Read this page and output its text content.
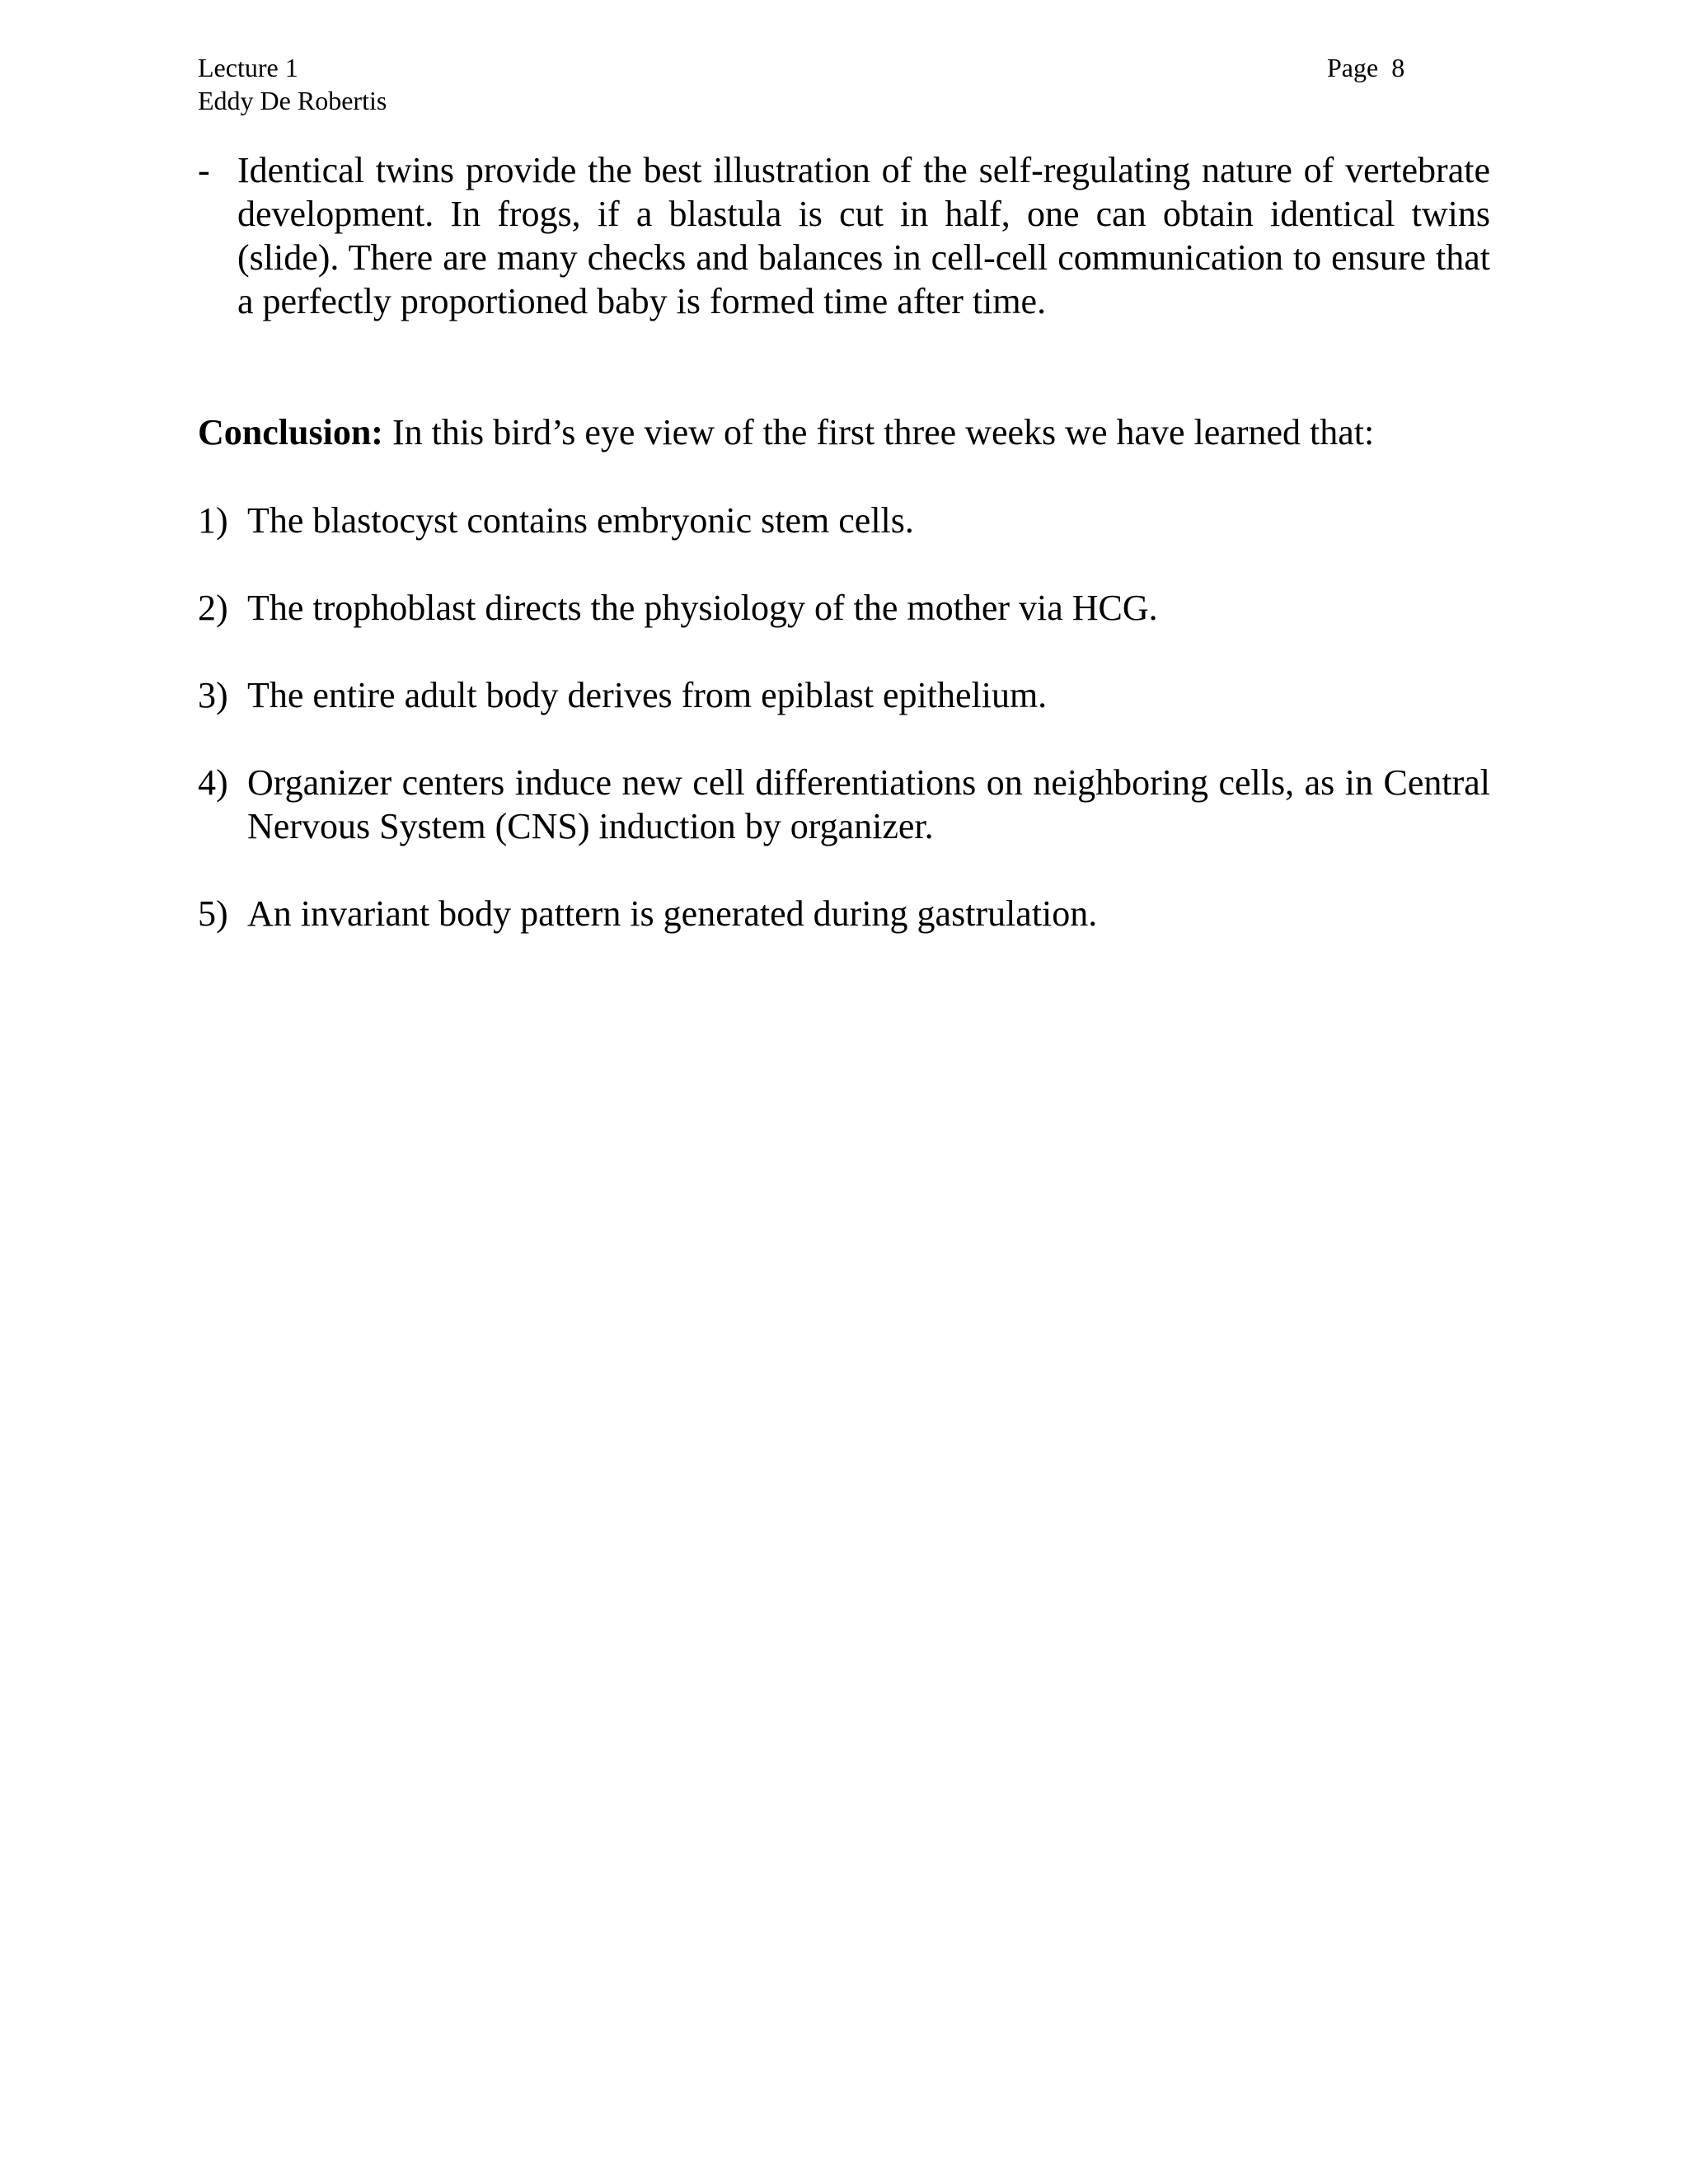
Lecture 1
Eddy De Robertis
Page  8
- Identical twins provide the best illustration of the self-regulating nature of vertebrate development. In frogs, if a blastula is cut in half, one can obtain identical twins (slide). There are many checks and balances in cell-cell communication to ensure that a perfectly proportioned baby is formed time after time.
Conclusion: In this bird’s eye view of the first three weeks we have learned that:
1) The blastocyst contains embryonic stem cells.
2) The trophoblast directs the physiology of the mother via HCG.
3) The entire adult body derives from epiblast epithelium.
4) Organizer centers induce new cell differentiations on neighboring cells, as in Central Nervous System (CNS) induction by organizer.
5) An invariant body pattern is generated during gastrulation.
